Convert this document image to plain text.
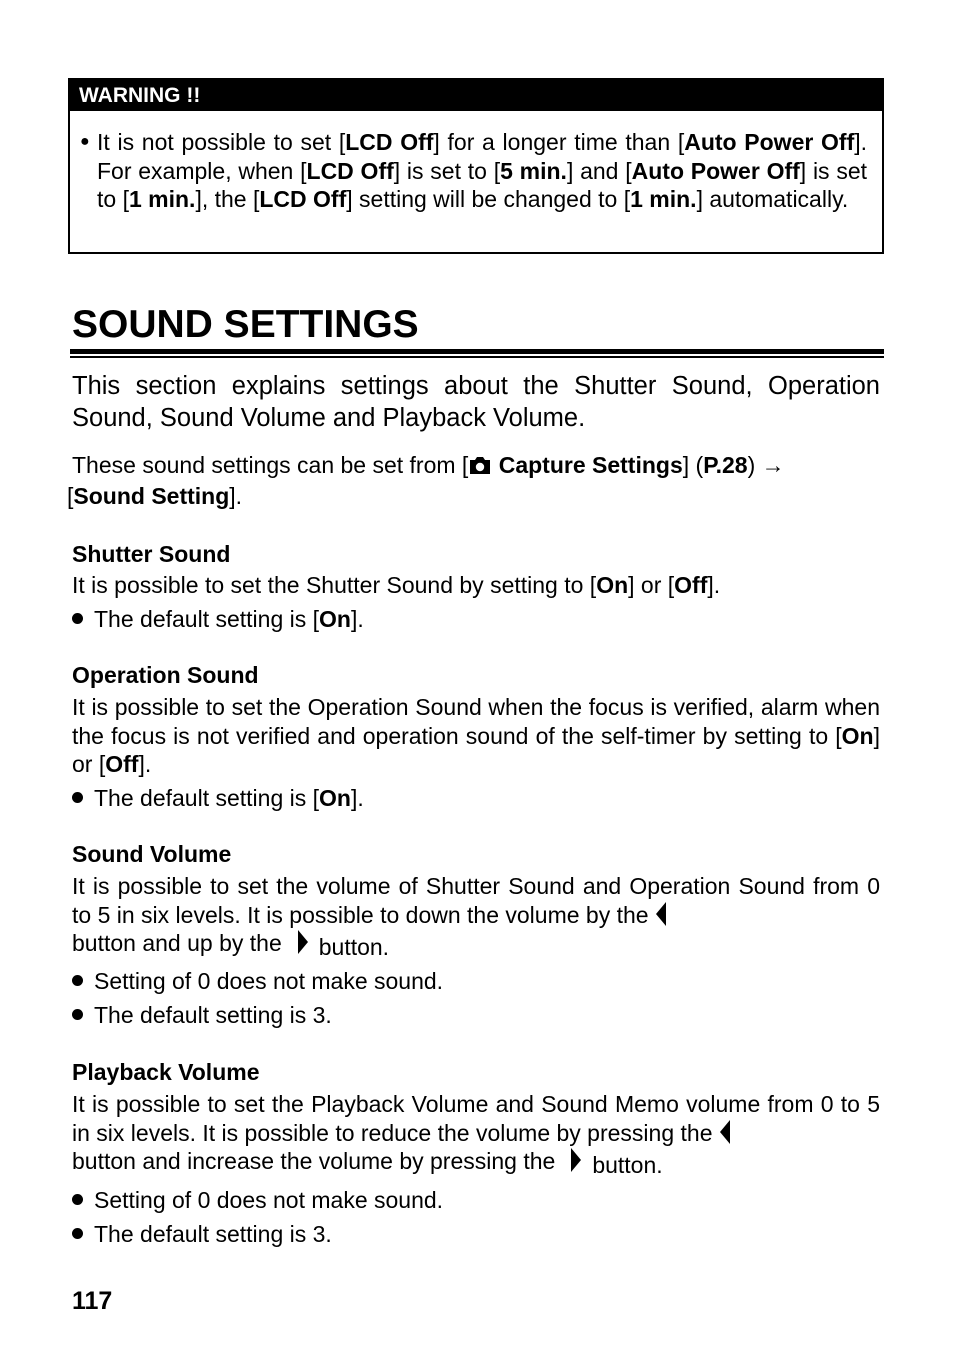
WARNING !!
● It is not possible to set [LCD Off] for a longer time than [Auto Power Off]. For example, when [LCD Off] is set to [5 min.] and [Auto Power Off] is set to [1 min.], the [LCD Off] setting will be changed to [1 min.] automatically.

SOUND SETTINGS

This section explains settings about the Shutter Sound, Operation Sound, Sound Volume and Playback Volume.

These sound settings can be set from [ Capture Settings] (P.28) →
[Sound Setting].

Shutter Sound

It is possible to set the Shutter Sound by setting to [On] or [Off].

The default setting is [On].
Operation Sound

It is possible to set the Operation Sound when the focus is verified, alarm when the focus is not verified and operation sound of the self-timer by setting to [On] or [Off].

The default setting is [On].
Sound Volume

It is possible to set the volume of Shutter Sound and Operation Sound from 0 to 5 in six levels. It is possible to down the volume by the
button and up by the button.

Setting of 0 does not make sound.
The default setting is 3.
Playback Volume

It is possible to set the Playback Volume and Sound Memo volume from 0 to 5 in six levels. It is possible to reduce the volume by pressing the
button and increase the volume by pressing the button.

Setting of 0 does not make sound.
The default setting is 3.
117
